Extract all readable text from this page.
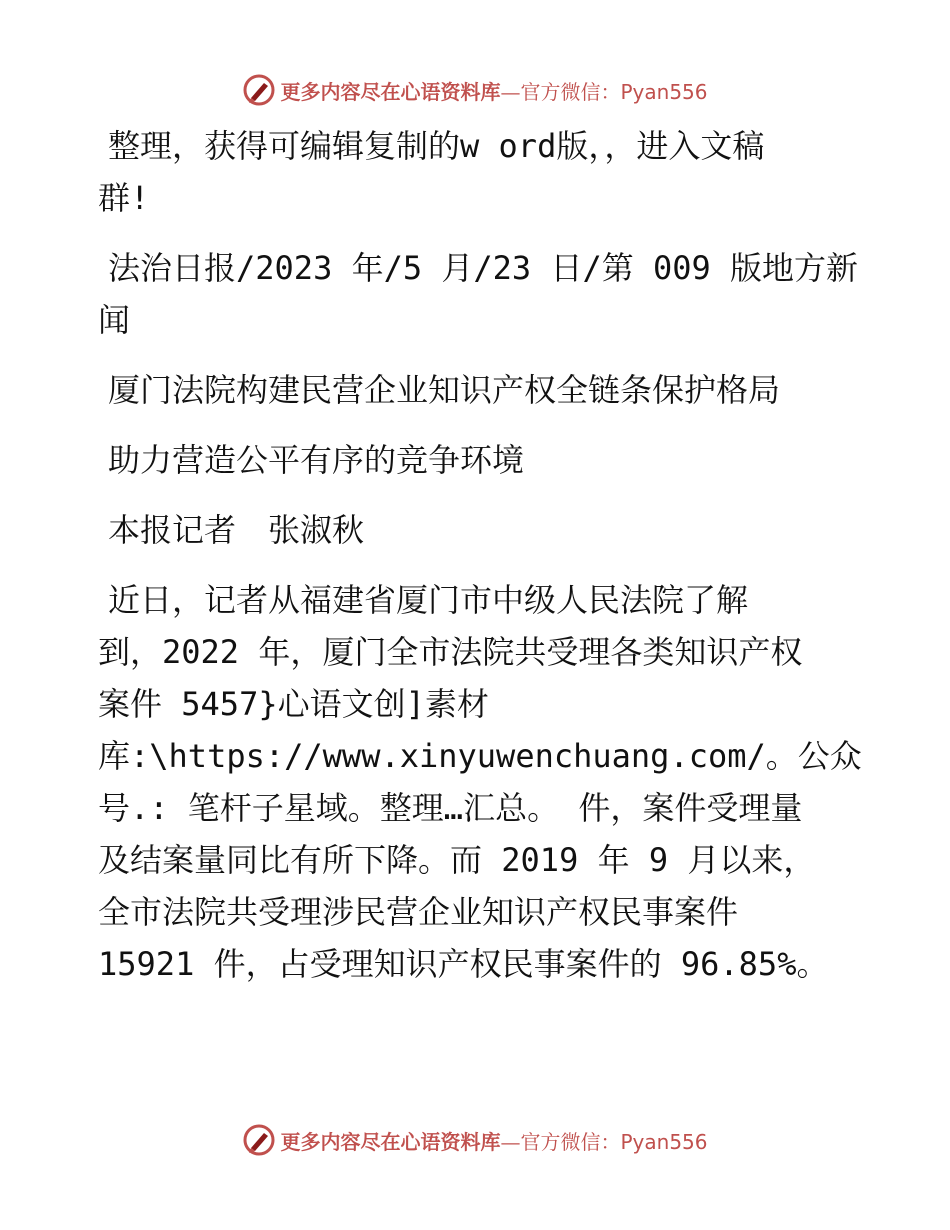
更多内容尽在心语资料库—官方微信：Pyan556
整理，获得可编辑复制的w ord版，，进入文稿
群!
法治日报/2023 年/5 月/23 日/第 009 版地方新
闻
厦门法院构建民营企业知识产权全链条保护格局
助力营造公平有序的竞争环境
本报记者　张淑秋
近日，记者从福建省厦门市中级人民法院了解
到，2022 年，厦门全市法院共受理各类知识产权
案件 5457}心语文创]素材
库:\https://www.xinyuwenchuang.com/。公众
号.: 笔杆子星域。整理…汇总。 件，案件受理量
及结案量同比有所下降。而 2019 年 9 月以来，
全市法院共受理涉民营企业知识产权民事案件
15921 件，占受理知识产权民事案件的 96.85%。
更多内容尽在心语资料库—官方微信：Pyan556
